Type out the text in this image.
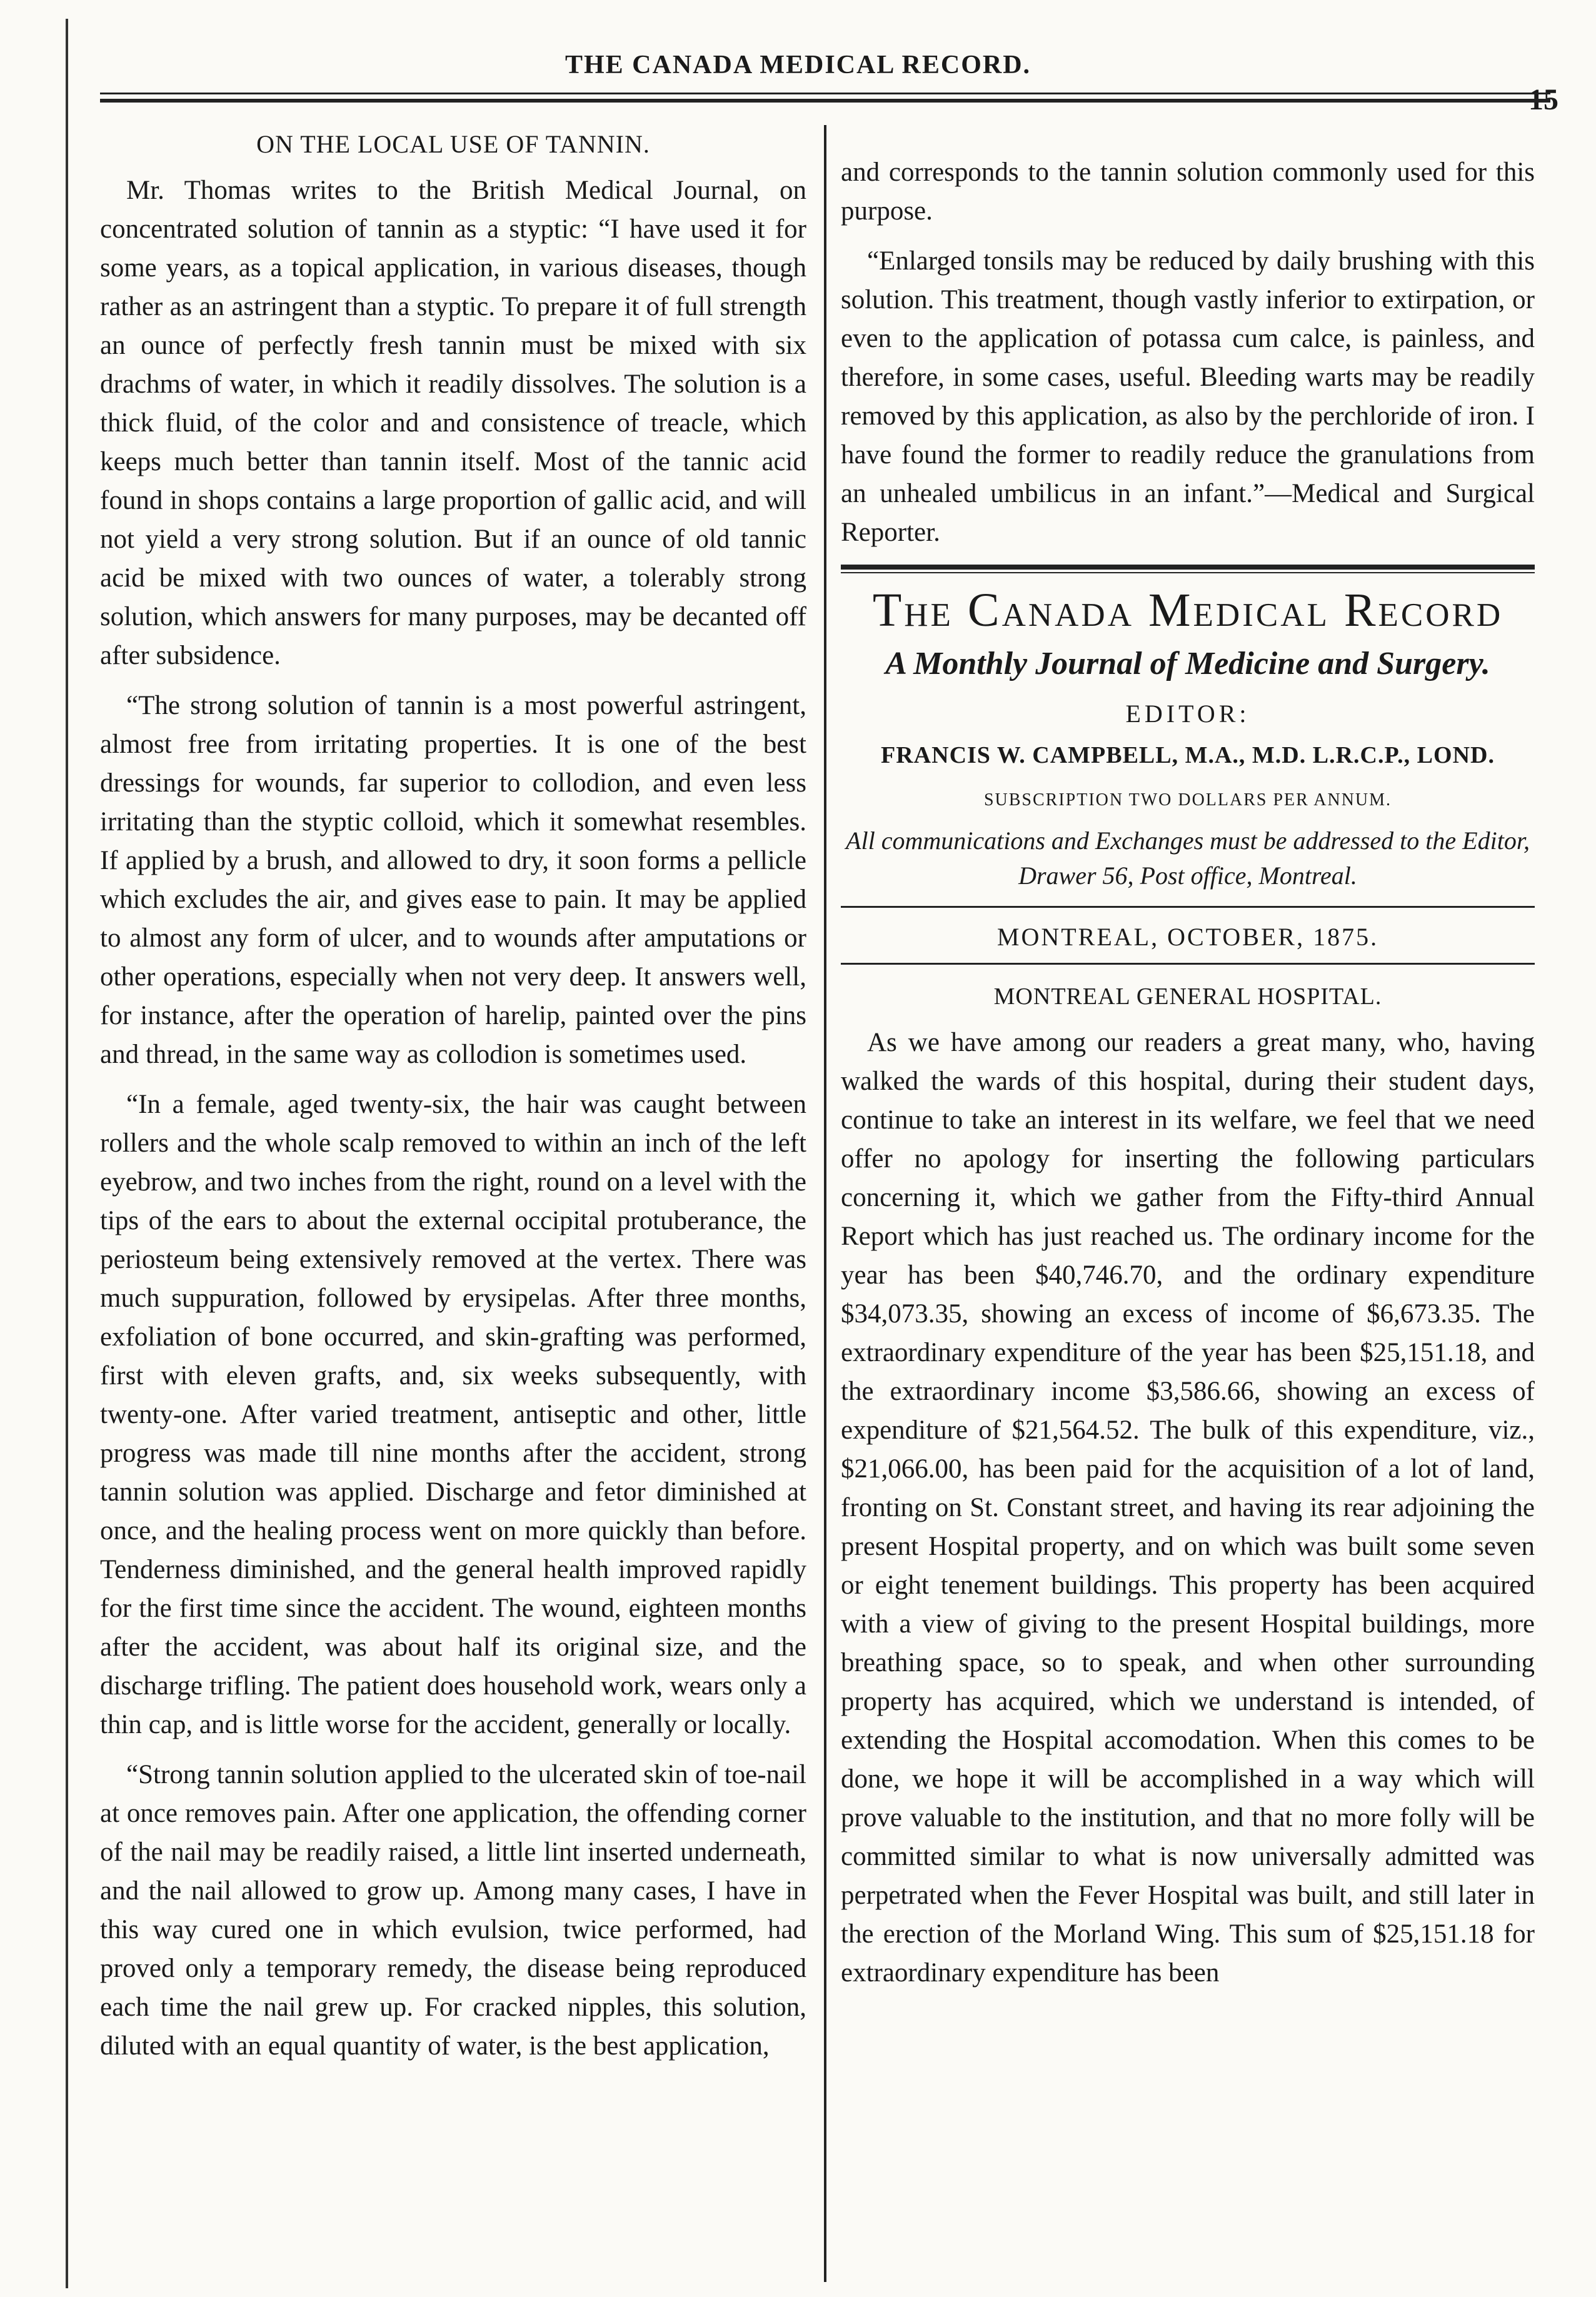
THE CANADA MEDICAL RECORD.
15
ON THE LOCAL USE OF TANNIN.

Mr. Thomas writes to the British Medical Journal, on concentrated solution of tannin as a styptic: “I have used it for some years, as a topical application, in various diseases, though rather as an astringent than a styptic. To prepare it of full strength an ounce of perfectly fresh tannin must be mixed with six drachms of water, in which it readily dissolves. The solution is a thick fluid, of the color and and consistence of treacle, which keeps much better than tannin itself. Most of the tannic acid found in shops contains a large proportion of gallic acid, and will not yield a very strong solution. But if an ounce of old tannic acid be mixed with two ounces of water, a tolerably strong solution, which answers for many purposes, may be decanted off after subsidence.

“The strong solution of tannin is a most powerful astringent, almost free from irritating properties. It is one of the best dressings for wounds, far superior to collodion, and even less irritating than the styptic colloid, which it somewhat resembles. If applied by a brush, and allowed to dry, it soon forms a pellicle which excludes the air, and gives ease to pain. It may be applied to almost any form of ulcer, and to wounds after amputations or other operations, especially when not very deep. It answers well, for instance, after the operation of harelip, painted over the pins and thread, in the same way as collodion is sometimes used.

“In a female, aged twenty-six, the hair was caught between rollers and the whole scalp removed to within an inch of the left eyebrow, and two inches from the right, round on a level with the tips of the ears to about the external occipital protuberance, the periosteum being extensively removed at the vertex. There was much suppuration, followed by erysipelas. After three months, exfoliation of bone occurred, and skin-grafting was performed, first with eleven grafts, and, six weeks subsequently, with twenty-one. After varied treatment, antiseptic and other, little progress was made till nine months after the accident, strong tannin solution was applied. Discharge and fetor diminished at once, and the healing process went on more quickly than before. Tenderness diminished, and the general health improved rapidly for the first time since the accident. The wound, eighteen months after the accident, was about half its original size, and the discharge trifling. The patient does household work, wears only a thin cap, and is little worse for the accident, generally or locally.

“Strong tannin solution applied to the ulcerated skin of toe-nail at once removes pain. After one application, the offending corner of the nail may be readily raised, a little lint inserted underneath, and the nail allowed to grow up. Among many cases, I have in this way cured one in which evulsion, twice performed, had proved only a temporary remedy, the disease being reproduced each time the nail grew up. For cracked nipples, this solution, diluted with an equal quantity of water, is the best application,

and corresponds to the tannin solution commonly used for this purpose.

“Enlarged tonsils may be reduced by daily brushing with this solution. This treatment, though vastly inferior to extirpation, or even to the application of potassa cum calce, is painless, and therefore, in some cases, useful. Bleeding warts may be readily removed by this application, as also by the perchloride of iron. I have found the former to readily reduce the granulations from an unhealed umbilicus in an infant.”—Medical and Surgical Reporter.

The Canada Medical Record
A Monthly Journal of Medicine and Surgery.
EDITOR:
FRANCIS W. CAMPBELL, M.A., M.D. L.R.C.P., LOND.
SUBSCRIPTION TWO DOLLARS PER ANNUM.
All communications and Exchanges must be addressed to the Editor, Drawer 56, Post office, Montreal.
MONTREAL, OCTOBER, 1875.
MONTREAL GENERAL HOSPITAL.

As we have among our readers a great many, who, having walked the wards of this hospital, during their student days, continue to take an interest in its welfare, we feel that we need offer no apology for inserting the following particulars concerning it, which we gather from the Fifty-third Annual Report which has just reached us. The ordinary income for the year has been $40,746.70, and the ordinary expenditure $34,073.35, showing an excess of income of $6,673.35. The extraordinary expenditure of the year has been $25,151.18, and the extraordinary income $3,586.66, showing an excess of expenditure of $21,564.52. The bulk of this expenditure, viz., $21,066.00, has been paid for the acquisition of a lot of land, fronting on St. Constant street, and having its rear adjoining the present Hospital property, and on which was built some seven or eight tenement buildings. This property has been acquired with a view of giving to the present Hospital buildings, more breathing space, so to speak, and when other surrounding property has acquired, which we understand is intended, of extending the Hospital accomodation. When this comes to be done, we hope it will be accomplished in a way which will prove valuable to the institution, and that no more folly will be committed similar to what is now universally admitted was perpetrated when the Fever Hospital was built, and still later in the erection of the Morland Wing. This sum of $25,151.18 for extraordinary expenditure has been
